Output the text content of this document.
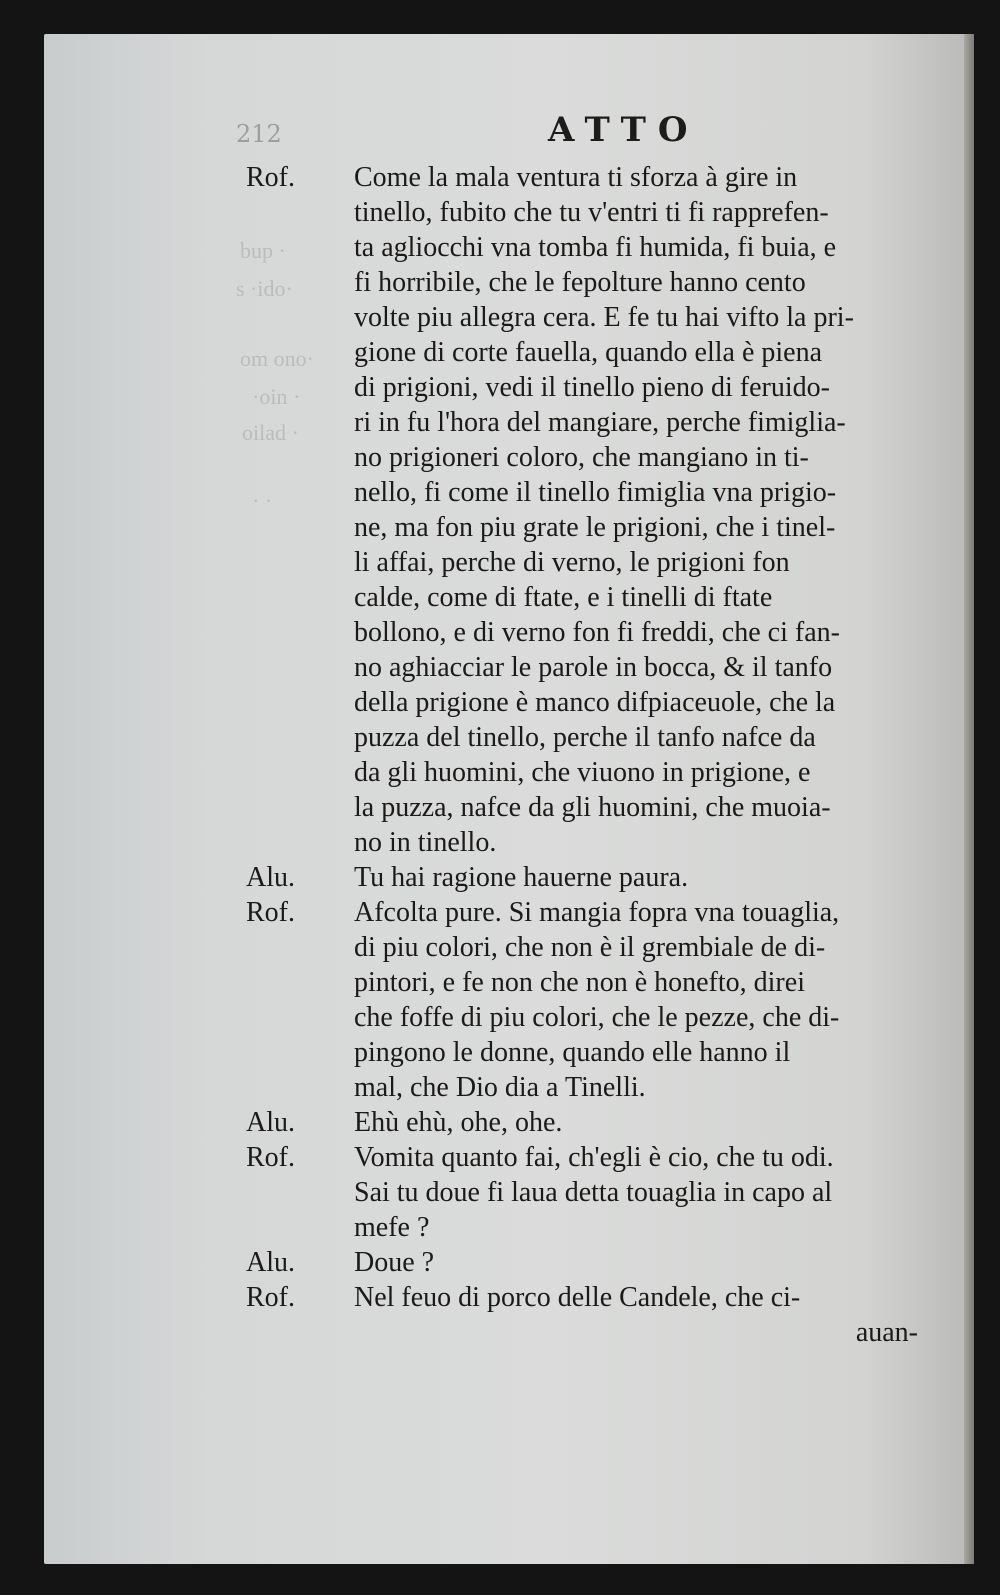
bup ·
s ·ido·
om ono·
·oin ·
oilad ·
· ·
212	ATTO
Rof.	Come la mala ventura ti sforza à gire in
tinello, fubito che tu v'entri ti fi rapprefen-
ta agliocchi vna tomba fi humida, fi buia, e
fi horribile, che le fepolture hanno cento
volte piu allegra cera. E fe tu hai vifto la pri-
gione di corte fauella, quando ella è piena
di prigioni, vedi il tinello pieno di feruido-
ri in fu l'hora del mangiare, perche fimiglia-
no prigioneri coloro, che mangiano in ti-
nello, fi come il tinello fimiglia vna prigio-
ne, ma fon piu grate le prigioni, che i tinel-
li affai, perche di verno, le prigioni fon
calde, come di ftate, e i tinelli di ftate
bollono, e di verno fon fi freddi, che ci fan-
no aghiacciar le parole in bocca, & il tanfo
della prigione è manco difpiaceuole, che la
puzza del tinello, perche il tanfo nafce da
da gli huomini, che viuono in prigione, e
la puzza, nafce da gli huomini, che muoia-
no in tinello.
Alu.	Tu hai ragione hauerne paura.
Rof.	Afcolta pure. Si mangia fopra vna touaglia,
di piu colori, che non è il grembiale de di-
pintori, e fe non che non è honefto, direi
che foffe di piu colori, che le pezze, che di-
pingono le donne, quando elle hanno il
mal, che Dio dia a Tinelli.
Alu.	Ehù ehù, ohe, ohe.
Rof.	Vomita quanto fai, ch'egli è cio, che tu odi.
Sai tu doue fi laua detta touaglia in capo al
mefe ?
Alu.	Doue ?
Rof.	Nel feuo di porco delle Candele, che ci-
auan-
